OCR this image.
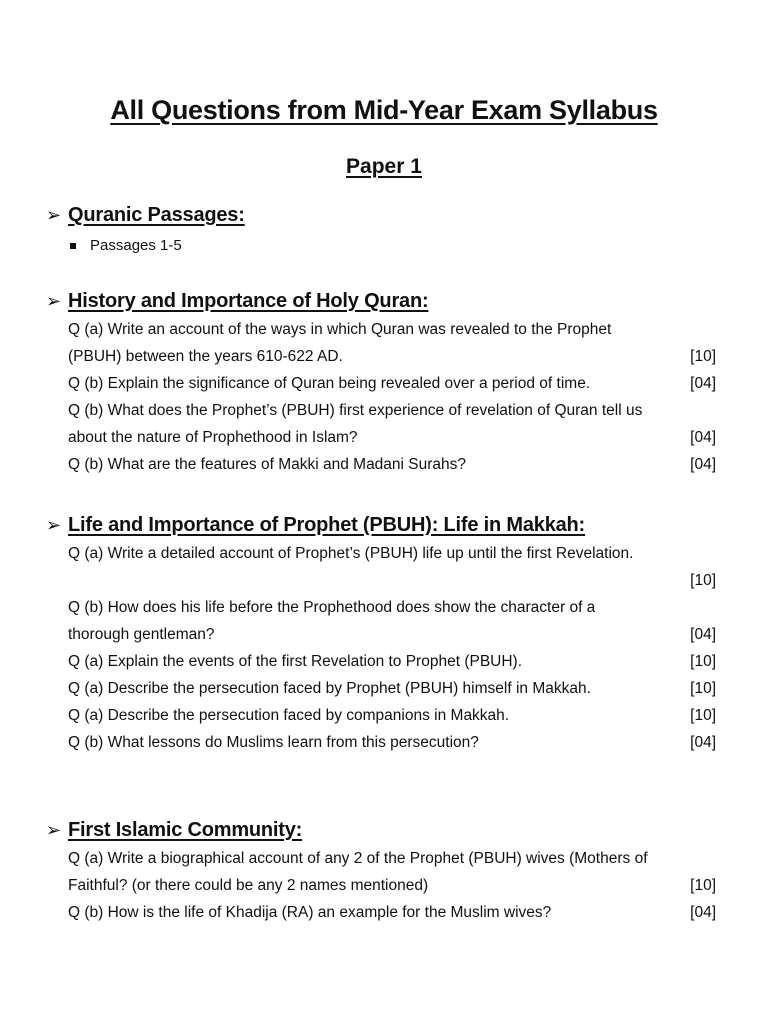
All Questions from Mid-Year Exam Syllabus
Paper 1
➢ Quranic Passages:
Passages 1-5
➢ History and Importance of Holy Quran:
Q (a) Write an account of the ways in which Quran was revealed to the Prophet
(PBUH) between the years 610-622 AD.	[10]
Q (b) Explain the significance of Quran being revealed over a period of time.	[04]
Q (b) What does the Prophet’s (PBUH) first experience of revelation of Quran tell us
about the nature of Prophethood in Islam?	[04]
Q (b) What are the features of Makki and Madani Surahs?	[04]
➢ Life and Importance of Prophet (PBUH): Life in Makkah:
Q (a) Write a detailed account of Prophet’s (PBUH) life up until the first Revelation.
[10]
Q (b) How does his life before the Prophethood does show the character of a
thorough gentleman?	[04]
Q (a) Explain the events of the first Revelation to Prophet (PBUH).	[10]
Q (a) Describe the persecution faced by Prophet (PBUH) himself in Makkah.	[10]
Q (a) Describe the persecution faced by companions in Makkah.	[10]
Q (b) What lessons do Muslims learn from this persecution?	[04]
➢ First Islamic Community:
Q (a) Write a biographical account of any 2 of the Prophet (PBUH) wives (Mothers of
Faithful? (or there could be any 2 names mentioned)	[10]
Q (b) How is the life of Khadija (RA) an example for the Muslim wives?	[04]
